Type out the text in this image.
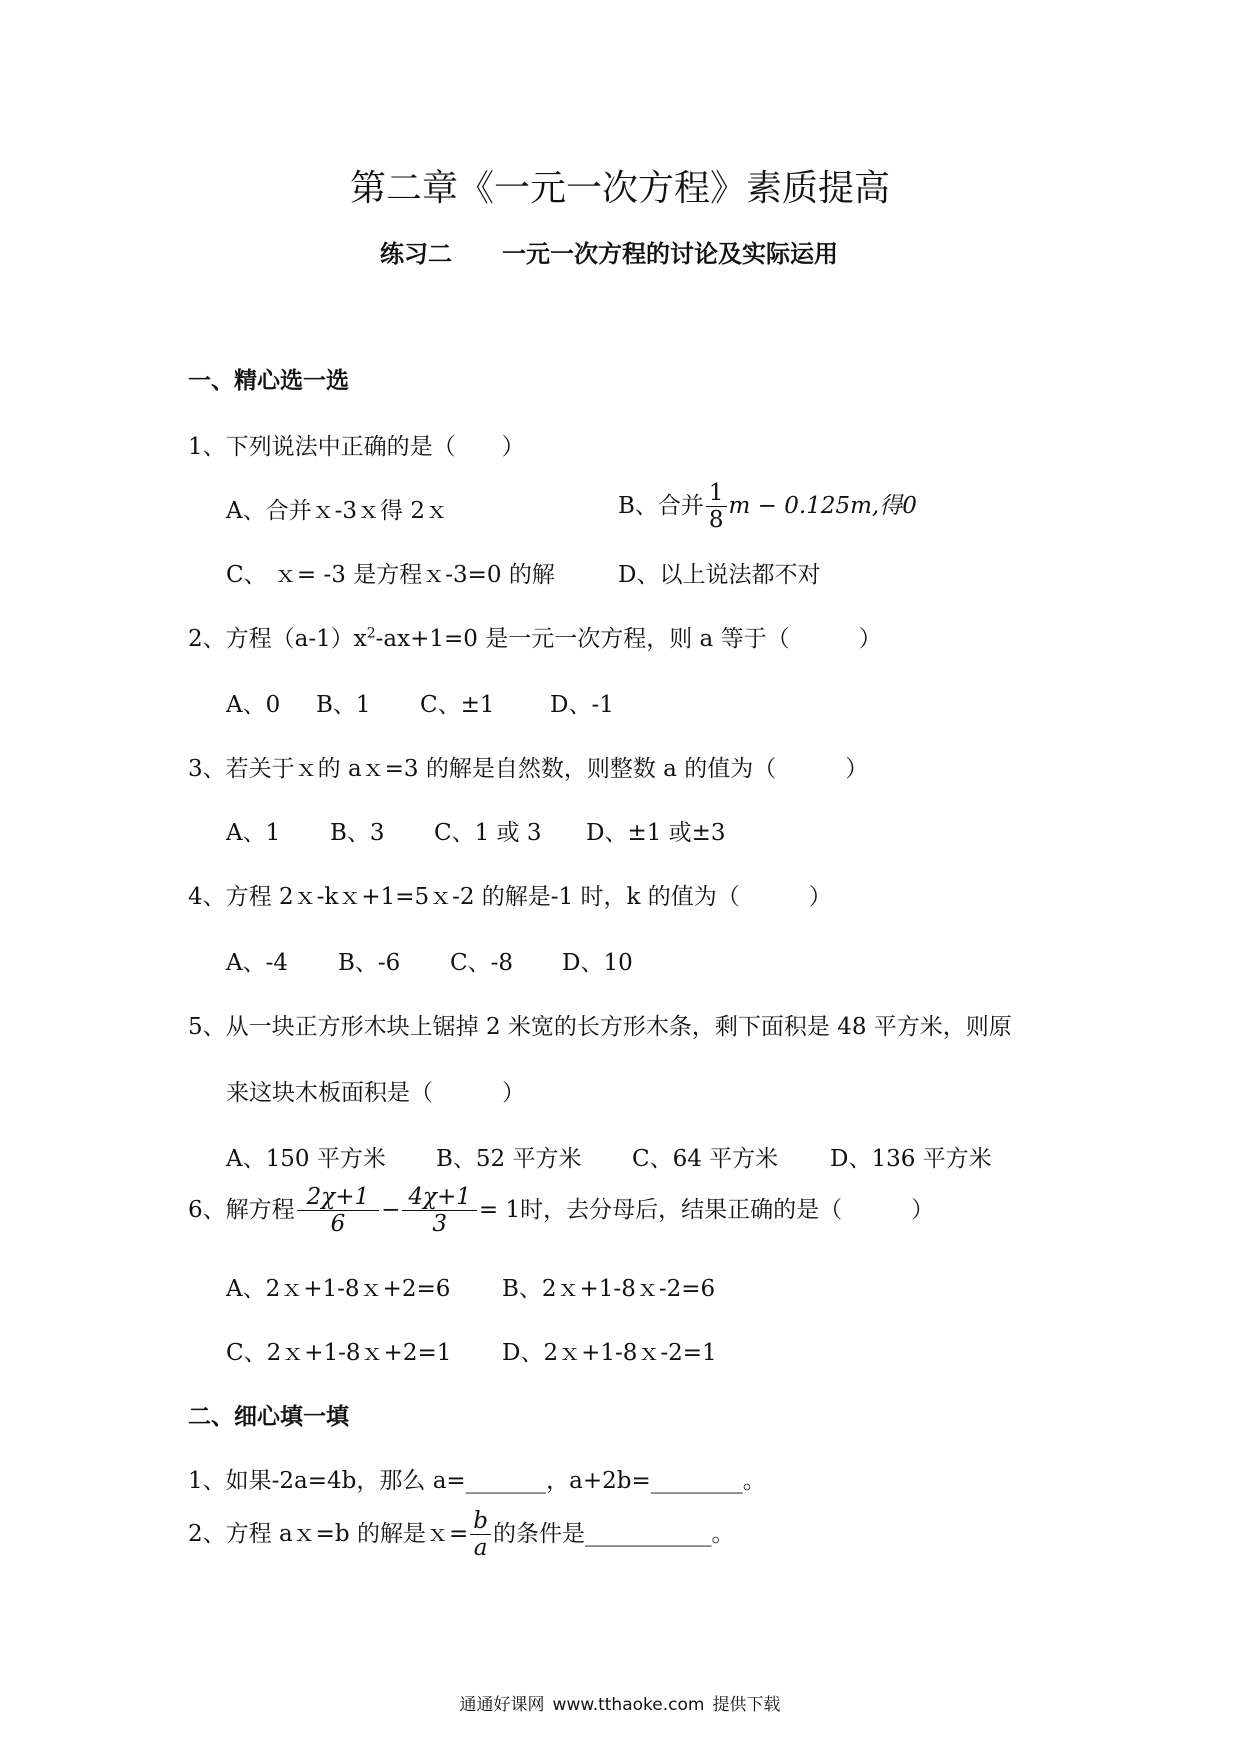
第二章《一元一次方程》素质提高
练习二 一元一次方程的讨论及实际运用
一、精心选一选
1、下列说法中正确的是（　　）
A、合并ｘ-3ｘ得 2ｘ	B、合并 $\frac{1}{8}$ m − 0.125m,得0
C、 ｘ= -3 是方程ｘ-3=0 的解	D、以上说法都不对
2、方程$(a-1)x^2-ax+1=0$ 是一元一次方程，则 a 等于（　　　）
A、0 B、1 C、±1 D、-1
3、若关于ｘ的 aｘ=3 的解是自然数，则整数 a 的值为（　　　）
A、1 B、3 C、1 或 3 D、±1 或±3
4、方程 2ｘ-kｘ+1=5ｘ-2 的解是-1 时，k 的值为（　　　）
A、-4 B、-6 C、-8 D、10
5、从一块正方形木块上锯掉 2 米宽的长方形木条，剩下面积是 48 平方米，则原
来这块木板面积是（　　　）
A、150 平方米 B、52 平方米 C、64 平方米 D、136 平方米
6、解方程 $\frac{2\chi+1}{6} - \frac{4\chi+1}{3} = 1$时，去分母后，结果正确的是（　　　）
A、2ｘ+1-8ｘ+2=6 B、2ｘ+1-8ｘ-2=6
C、2ｘ+1-8ｘ+2=1 D、2ｘ+1-8ｘ-2=1
二、细心填一填
1、如果-2a=4b，那么 a=_______，a+2b=________。
2、方程 aｘ=b 的解是ｘ= $\frac{b}{a}$ 的条件是___________。
通通好课网 www.tthaoke.com 提供下载
